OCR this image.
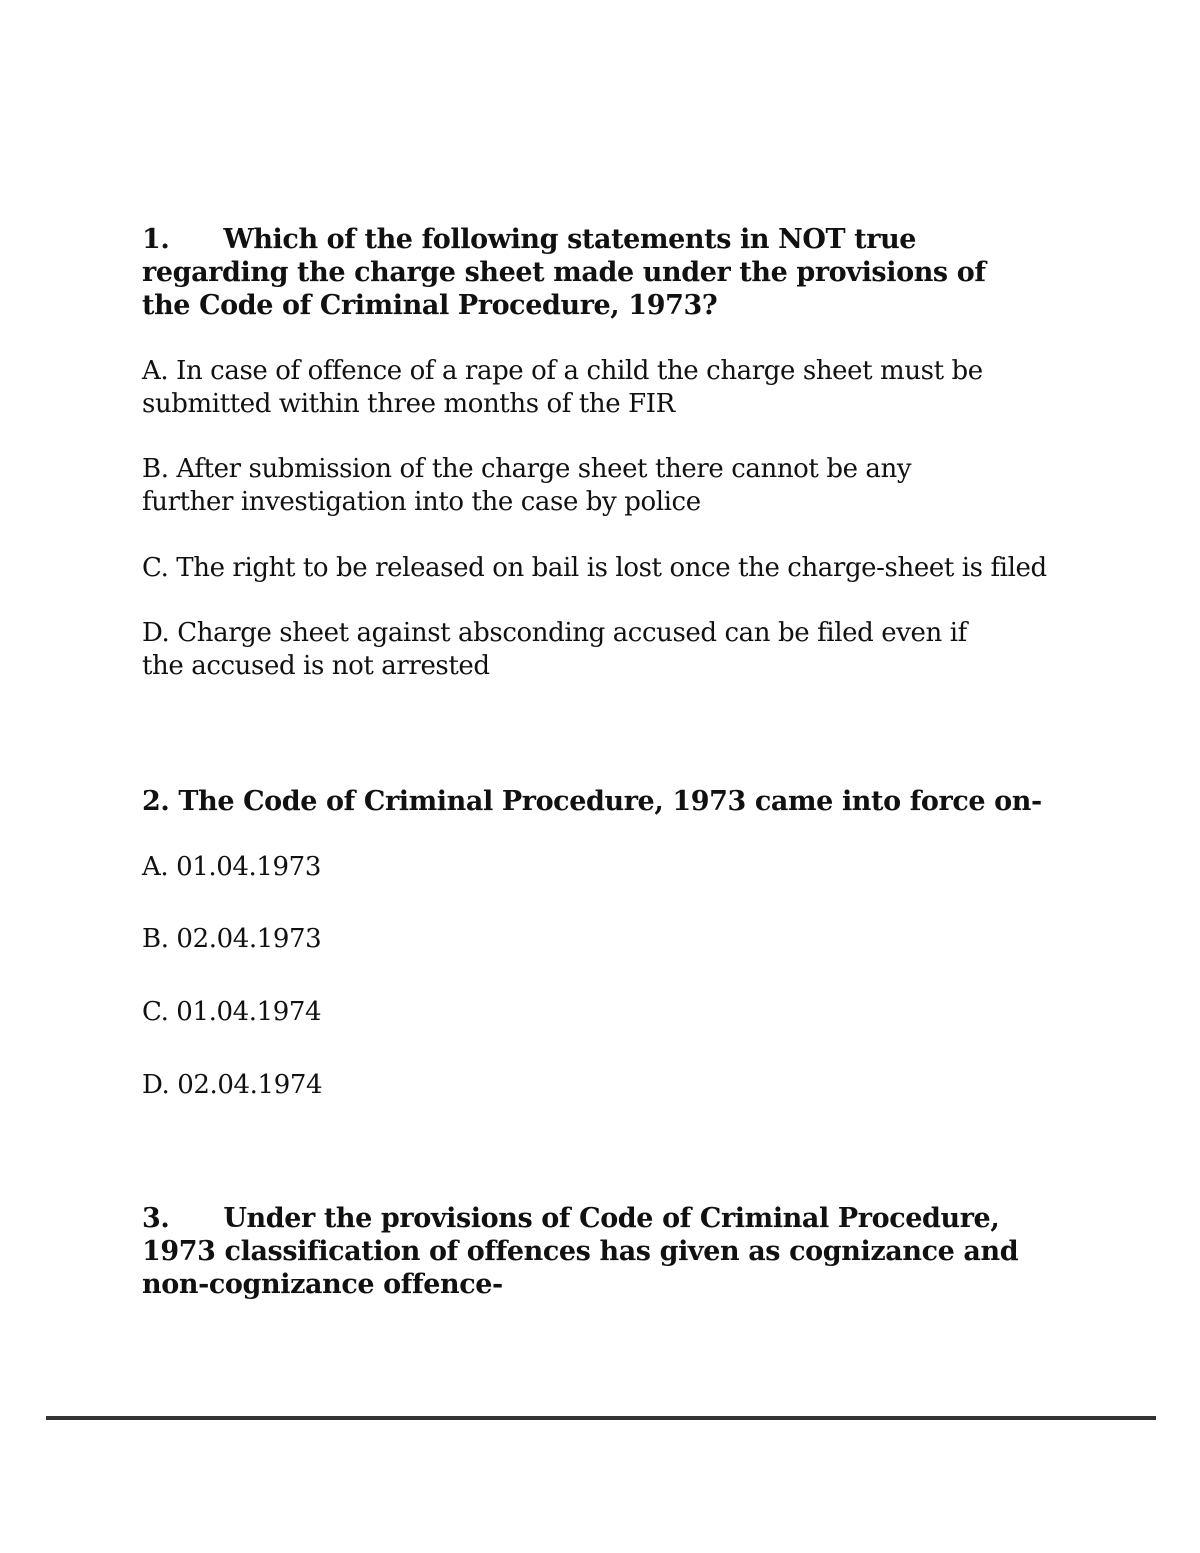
1. Which of the following statements in NOT true

regarding the charge sheet made under the provisions of

the Code of Criminal Procedure, 1973?

A. In case of offence of a rape of a child the charge sheet must be

submitted within three months of the FIR

B. After submission of the charge sheet there cannot be any

further investigation into the case by police

C. The right to be released on bail is lost once the charge-sheet is filed

D. Charge sheet against absconding accused can be filed even if

the accused is not arrested

2. The Code of Criminal Procedure, 1973 came into force on-

A. 01.04.1973

B. 02.04.1973

C. 01.04.1974

D. 02.04.1974

3. Under the provisions of Code of Criminal Procedure,

1973 classification of offences has given as cognizance and

non-cognizance offence-
